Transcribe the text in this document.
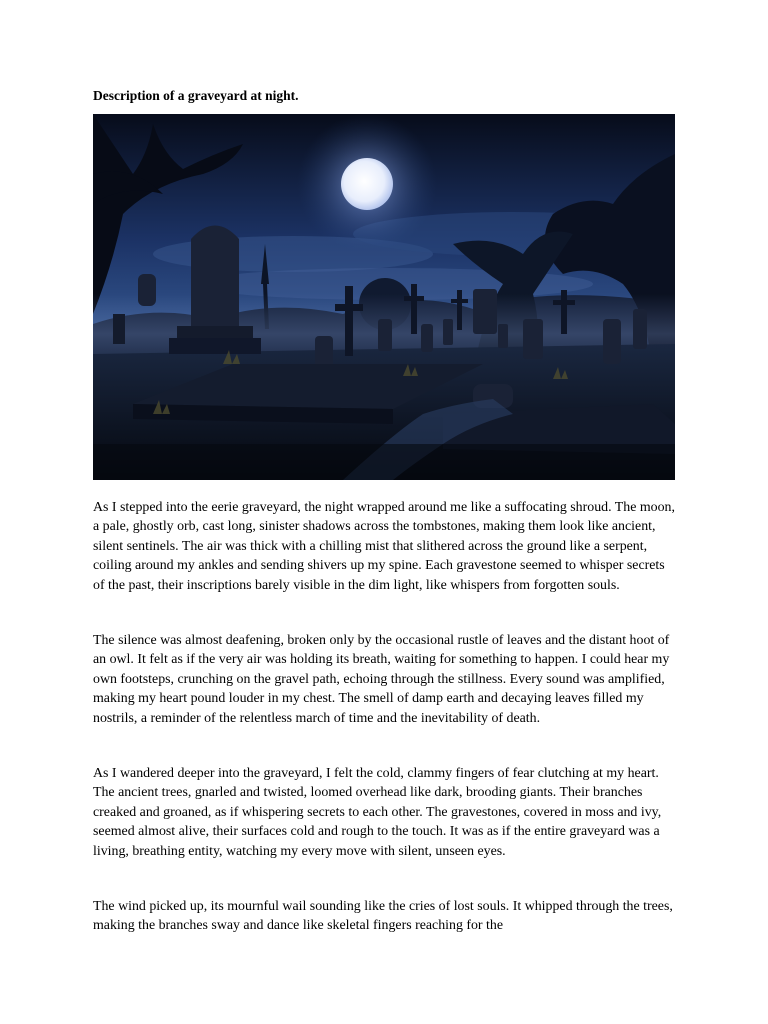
Description of a graveyard at night.

As I stepped into the eerie graveyard, the night wrapped around me like a suffocating shroud. The moon, a pale, ghostly orb, cast long, sinister shadows across the tombstones, making them look like ancient, silent sentinels. The air was thick with a chilling mist that slithered across the ground like a serpent, coiling around my ankles and sending shivers up my spine. Each gravestone seemed to whisper secrets of the past, their inscriptions barely visible in the dim light, like whispers from forgotten souls.

The silence was almost deafening, broken only by the occasional rustle of leaves and the distant hoot of an owl. It felt as if the very air was holding its breath, waiting for something to happen. I could hear my own footsteps, crunching on the gravel path, echoing through the stillness. Every sound was amplified, making my heart pound louder in my chest. The smell of damp earth and decaying leaves filled my nostrils, a reminder of the relentless march of time and the inevitability of death.

As I wandered deeper into the graveyard, I felt the cold, clammy fingers of fear clutching at my heart. The ancient trees, gnarled and twisted, loomed overhead like dark, brooding giants. Their branches creaked and groaned, as if whispering secrets to each other. The gravestones, covered in moss and ivy, seemed almost alive, their surfaces cold and rough to the touch. It was as if the entire graveyard was a living, breathing entity, watching my every move with silent, unseen eyes.

The wind picked up, its mournful wail sounding like the cries of lost souls. It whipped through the trees, making the branches sway and dance like skeletal fingers reaching for the
